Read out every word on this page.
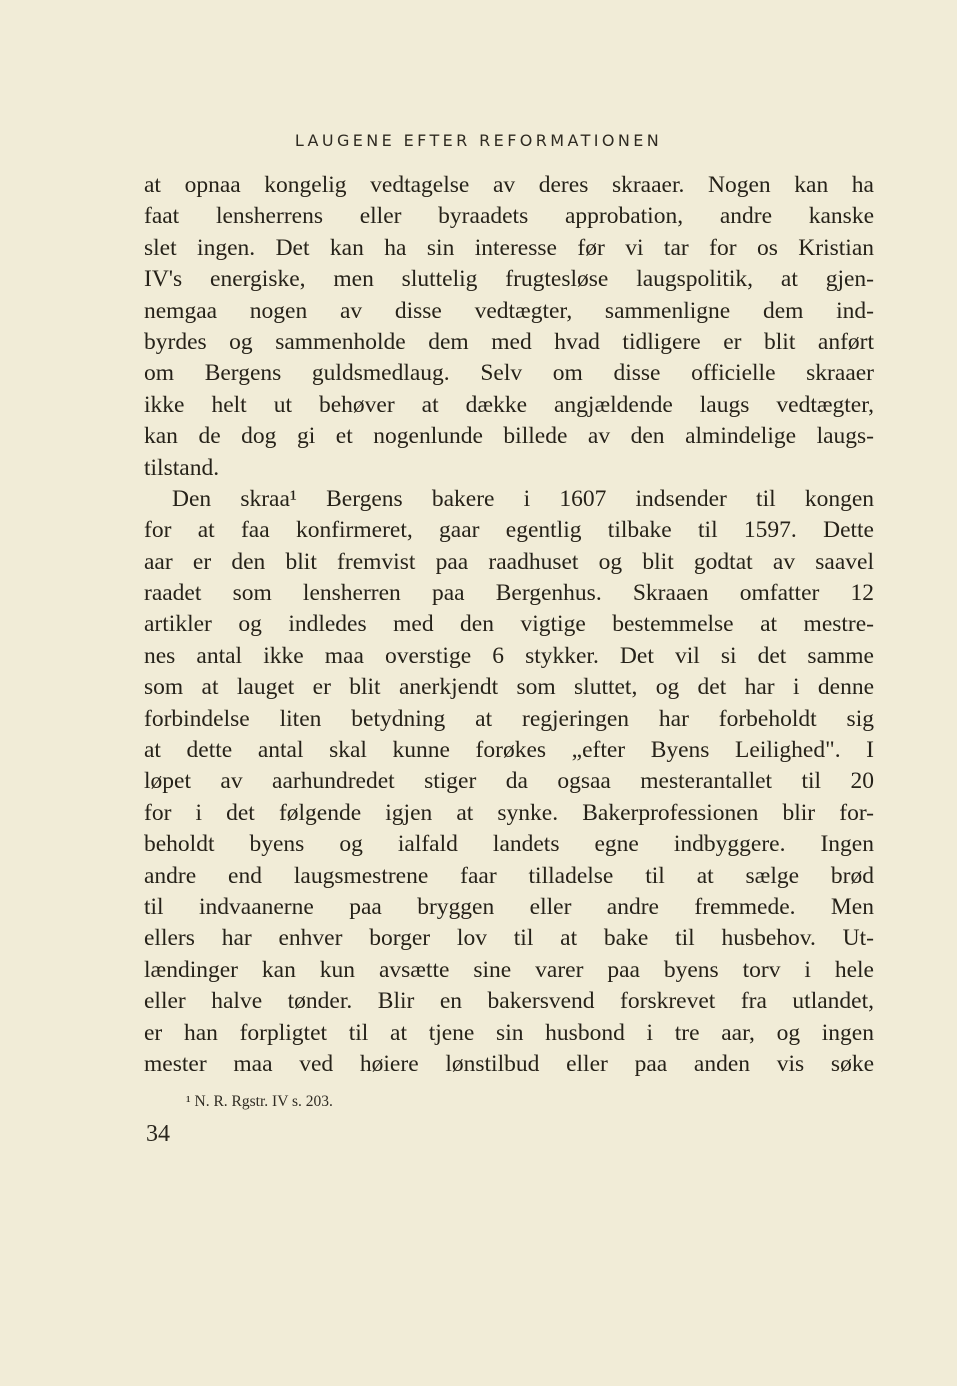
LAUGENE EFTER REFORMATIONEN
at opnaa kongelig vedtagelse av deres skraaer. Nogen kan ha
faat lensherrens eller byraadets approbation, andre kanske
slet ingen. Det kan ha sin interesse før vi tar for os Kristian
IV's energiske, men sluttelig frugtesløse laugspolitik, at gjen-
nemgaa nogen av disse vedtægter, sammenligne dem ind-
byrdes og sammenholde dem med hvad tidligere er blit anført
om Bergens guldsmedlaug. Selv om disse officielle skraaer
ikke helt ut behøver at dække angjældende laugs vedtægter,
kan de dog gi et nogenlunde billede av den almindelige laugs-
tilstand.
Den skraa¹ Bergens bakere i 1607 indsender til kongen
for at faa konfirmeret, gaar egentlig tilbake til 1597. Dette
aar er den blit fremvist paa raadhuset og blit godtat av saavel
raadet som lensherren paa Bergenhus. Skraaen omfatter 12
artikler og indledes med den vigtige bestemmelse at mestre-
nes antal ikke maa overstige 6 stykker. Det vil si det samme
som at lauget er blit anerkjendt som sluttet, og det har i denne
forbindelse liten betydning at regjeringen har forbeholdt sig
at dette antal skal kunne forøkes „efter Byens Leilighed". I
løpet av aarhundredet stiger da ogsaa mesterantallet til 20
for i det følgende igjen at synke. Bakerprofessionen blir for-
beholdt byens og ialfald landets egne indbyggere. Ingen
andre end laugsmestrene faar tilladelse til at sælge brød
til indvaanerne paa bryggen eller andre fremmede. Men
ellers har enhver borger lov til at bake til husbehov. Ut-
lændinger kan kun avsætte sine varer paa byens torv i hele
eller halve tønder. Blir en bakersvend forskrevet fra utlandet,
er han forpligtet til at tjene sin husbond i tre aar, og ingen
mester maa ved høiere lønstilbud eller paa anden vis søke
¹ N. R. Rgstr. IV s. 203.
34
